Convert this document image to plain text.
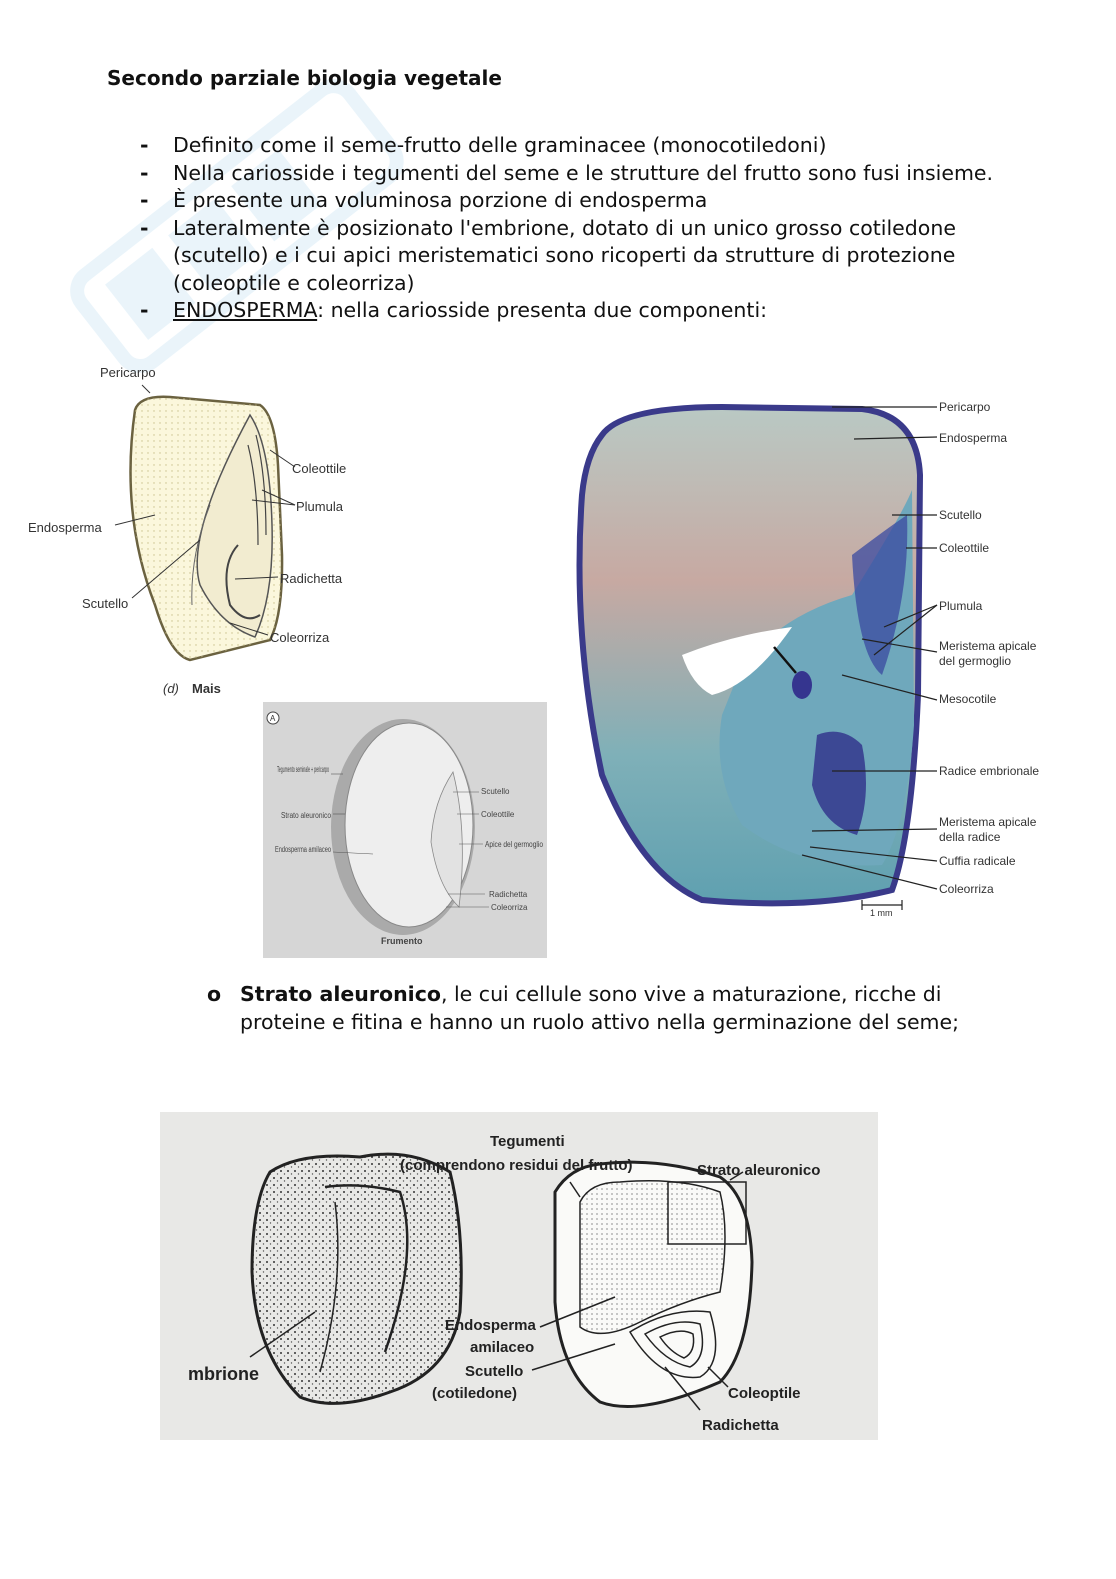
Secondo parziale biologia vegetale
-	Definito come il seme-frutto delle graminacee (monocotiledoni)
-	Nella cariosside i tegumenti del seme e le strutture del frutto sono fusi insieme.
-	È presente una voluminosa porzione di endosperma
-	Lateralmente è posizionato l'embrione, dotato di un unico grosso cotiledone (scutello) e i cui apici meristematici sono ricoperti da strutture di protezione (coleoptile e coleorriza)
-	ENDOSPERMA: nella cariosside presenta due componenti:
Pericarpo
Coleottile
Plumula
Endosperma
Radichetta
Scutello
Coleorriza
(d) Mais
A
Tegumento seminale + pericarpo
Strato aleuronico
Endosperma amilaceo
Scutello
Coleottile
Apice del germoglio
Radichetta
Coleorriza
Frumento
Pericarpo
Endosperma
Scutello
Coleottile
Plumula
Meristema apicale
del germoglio
Mesocotile
Radice embrionale
Meristema apicale
della radice
Cuffia radicale
Coleorriza
1 mm
o Strato aleuronico, le cui cellule sono vive a maturazione, ricche di proteine e fitina e hanno un ruolo attivo nella germinazione del seme;
Tegumenti
(comprendono residui del frutto)	Strato aleuronico
Endosperma
amilaceo
Scutello
(cotiledone)
mbrione
Coleoptile
Radichetta
